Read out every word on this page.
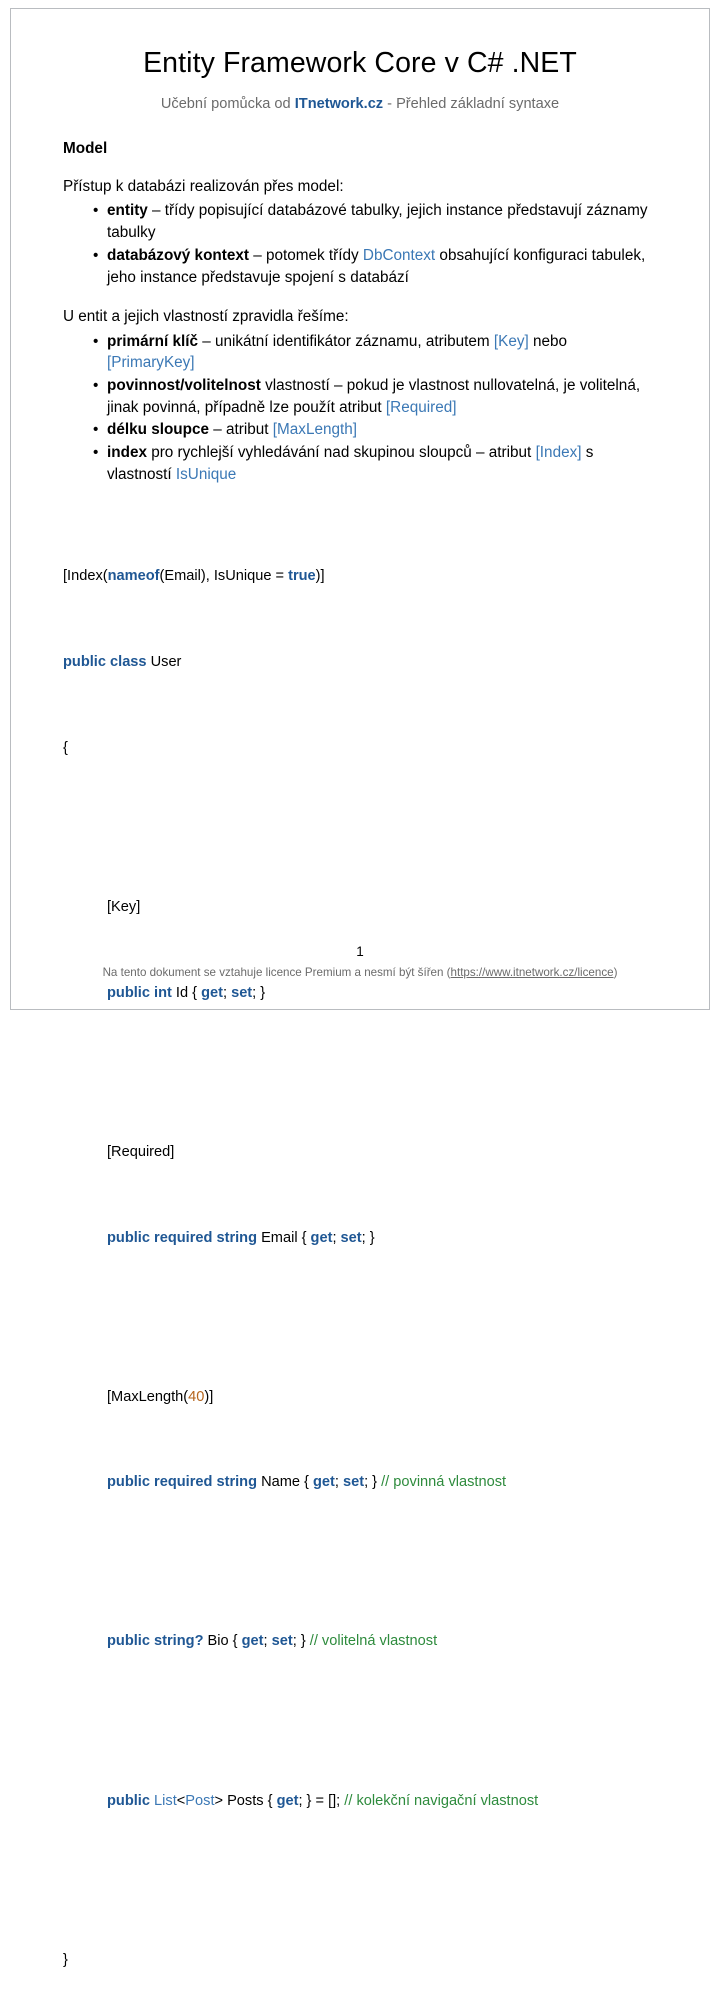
Entity Framework Core v C# .NET

Učební pomůcka od ITnetwork.cz - Přehled základní syntaxe

Model

Přístup k databázi realizován přes model:

• entity – třídy popisující databázové tabulky, jejich instance představují záznamy tabulky
• databázový kontext – potomek třídy DbContext obsahující konfiguraci tabulek, jeho instance představuje spojení s databází

U entit a jejich vlastností zpravidla řešíme:

• primární klíč – unikátní identifikátor záznamu, atributem [Key] nebo [PrimaryKey]
• povinnost/volitelnost vlastností – pokud je vlastnost nullovatelná, je volitelná, jinak povinná, případně lze použít atribut [Required]
• délku sloupce – atribut [MaxLength]
• index pro rychlejší vyhledávání nad skupinou sloupců – atribut [Index] s vlastností IsUnique

[Index(nameof(Email), IsUnique = true)]

public class User

{

[Key]

public int Id { get; set; }

[Required]

public required string Email { get; set; }

[MaxLength(40)]

public required string Name { get; set; } // povinná vlastnost

public string? Bio { get; set; } // volitelná vlastnost

public List<Post> Posts { get; } = []; // kolekční navigační vlastnost

}

1
Na tento dokument se vztahuje licence Premium a nesmí být šířen (https://www.itnetwork.cz/licence)
